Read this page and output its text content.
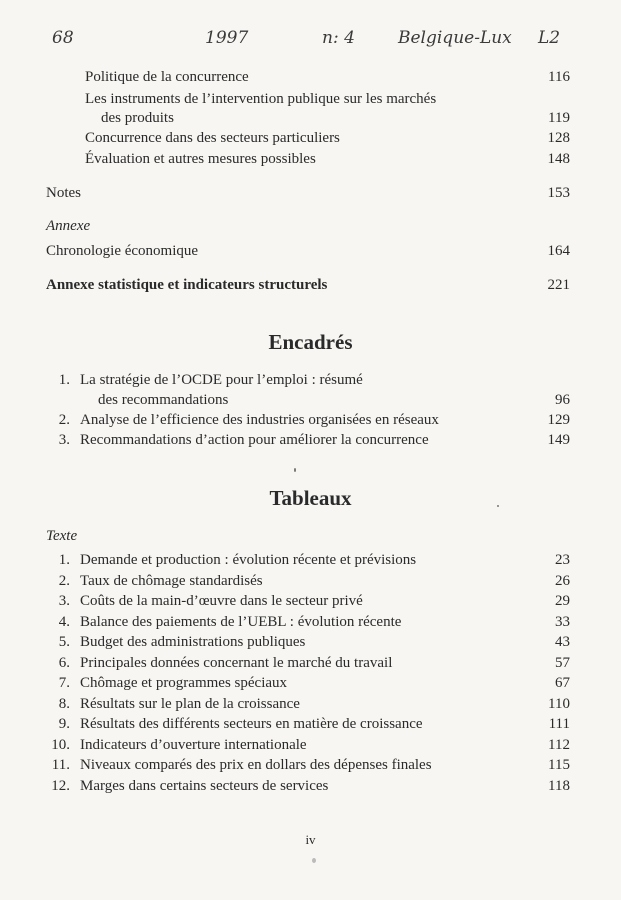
68	1997	n: 4	Belgique-Lux L2
Politique de la concurrence	116
Les instruments de l’intervention publique sur les marchés
des produits	119
Concurrence dans des secteurs particuliers	128
Évaluation et autres mesures possibles	148
Notes	153
Annexe
Chronologie économique	164
Annexe statistique et indicateurs structurels	221
Encadrés
1. La stratégie de l’OCDE pour l’emploi : résumé
des recommandations	96
2. Analyse de l’efficience des industries organisées en réseaux	129
3. Recommandations d’action pour améliorer la concurrence	149
Tableaux
Texte
1. Demande et production : évolution récente et prévisions	23
2. Taux de chômage standardisés	26
3. Coûts de la main-d’œuvre dans le secteur privé	29
4. Balance des paiements de l’UEBL : évolution récente	33
5. Budget des administrations publiques	43
6. Principales données concernant le marché du travail	57
7. Chômage et programmes spéciaux	67
8. Résultats sur le plan de la croissance	110
9. Résultats des différents secteurs en matière de croissance	111
10. Indicateurs d’ouverture internationale	112
11. Niveaux comparés des prix en dollars des dépenses finales	115
12. Marges dans certains secteurs de services	118
iv
